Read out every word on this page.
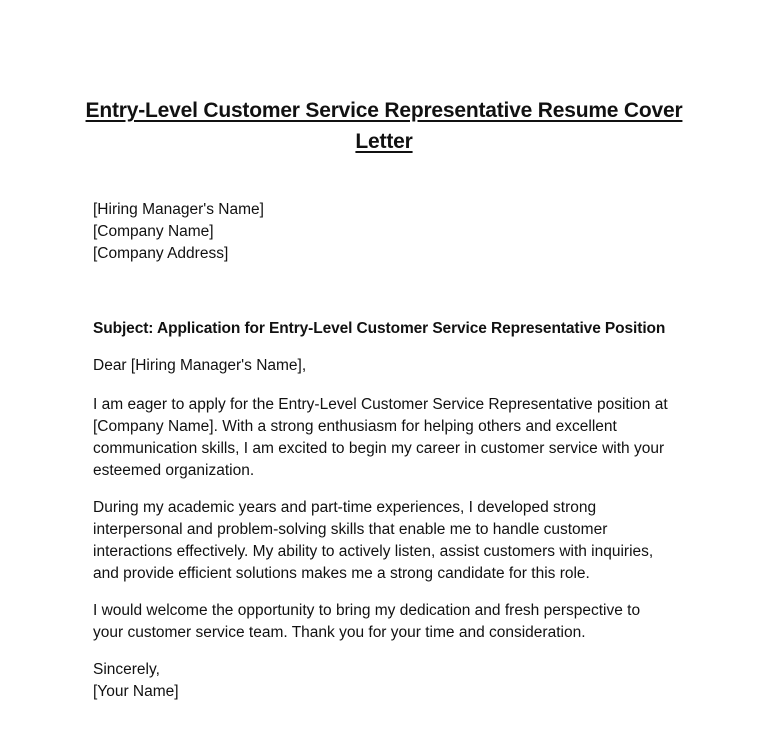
Entry-Level Customer Service Representative Resume Cover
Letter
[Hiring Manager's Name]
[Company Name]
[Company Address]
Subject: Application for Entry-Level Customer Service Representative Position
Dear [Hiring Manager's Name],

I am eager to apply for the Entry-Level Customer Service Representative position at
[Company Name]. With a strong enthusiasm for helping others and excellent
communication skills, I am excited to begin my career in customer service with your
esteemed organization.

During my academic years and part-time experiences, I developed strong
interpersonal and problem-solving skills that enable me to handle customer
interactions effectively. My ability to actively listen, assist customers with inquiries,
and provide efficient solutions makes me a strong candidate for this role.

I would welcome the opportunity to bring my dedication and fresh perspective to
your customer service team. Thank you for your time and consideration.

Sincerely,
[Your Name]
